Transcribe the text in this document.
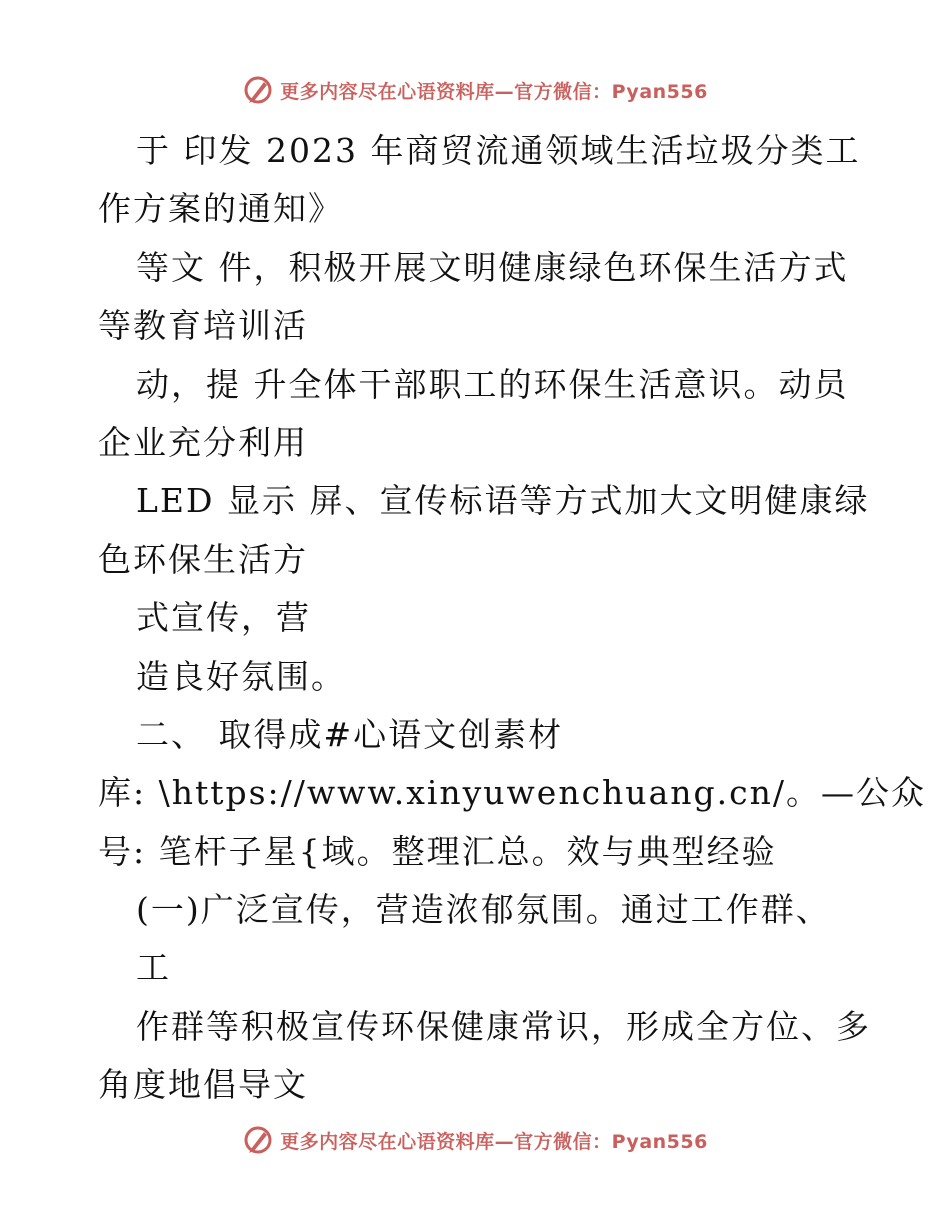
更多内容尽在心语资料库—官方微信：Pyan556
于 印发 2023 年商贸流通领域生活垃圾分类工
作方案的通知》
等文 件，积极开展文明健康绿色环保生活方式
等教育培训活
动，提 升全体干部职工的环保生活意识。动员
企业充分利用
LED 显示 屏、宣传标语等方式加大文明健康绿
色环保生活方
式宣传，营
造良好氛围。
二、 取得成#心语文创素材
库: \https://www.xinyuwenchuang.cn/。—公众
号: 笔杆子星{域。整理汇总。效与典型经验
(一)广泛宣传，营造浓郁氛围。通过工作群、
工
作群等积极宣传环保健康常识，形成全方位、多
角度地倡导文
更多内容尽在心语资料库—官方微信：Pyan556
